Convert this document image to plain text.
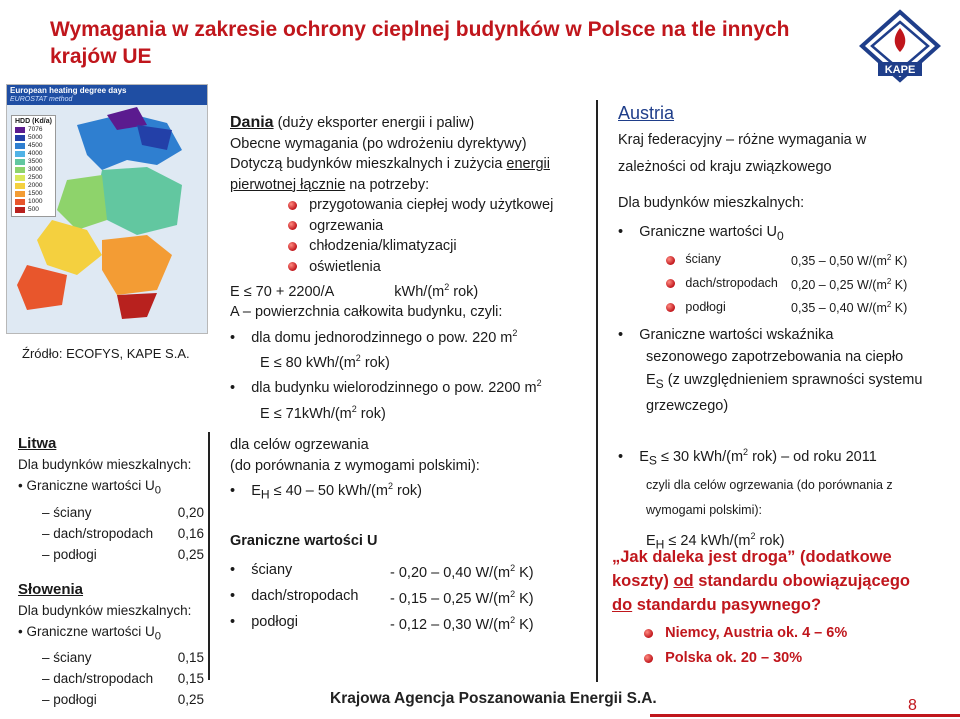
Wymagania w zakresie ochrony cieplnej budynków w Polsce na tle innych krajów UE
KAPE
European heating degree days
EUROSTAT method
HDD (Kd/a)
7076
5000
4500
4000
3500
3000
2500
2000
1500
1000
500
Źródło: ECOFYS, KAPE S.A.
Litwa
Dla budynków mieszkalnych:
• Graniczne wartości $U_0$
– ściany	0,20
– dach/stropodach	0,16
– podłogi	0,25
Słowenia
Dla budynków mieszkalnych:
• Graniczne wartości $U_0$
– ściany	0,15
– dach/stropodach	0,15
– podłogi	0,25
Dania (duży eksporter energii i paliw)
Obecne wymagania (po wdrożeniu dyrektywy)
Dotyczą budynków mieszkalnych i zużycia energii
pierwotnej łącznie na potrzeby:
przygotowania ciepłej wody użytkowej
ogrzewania
chłodzenia/klimatyzacji
oświetlenia
E ≤ 70 + 2200/A	kWh/($m^2$ rok)
A – powierzchnia całkowita budynku, czyli:
•    dla domu jednorodzinnego o pow. 220 $m^2$
E ≤ 80 kWh/($m^2$ rok)
•    dla budynku wielorodzinnego o pow. 2200 $m^2$
$E \le 71kWh/(m^2$ rok)
dla celów ogrzewania
(do porównania z wymogami polskimi):
•    $E_H \le 40 - 50$ kWh/($m^2$ rok)
Graniczne wartości U
•    ściany	- 0,20 – 0,40 $W/(m^2$ K)
•    dach/stropodach	- 0,15 – 0,25 $W/(m^2$ K)
•    podłogi	- 0,12 – 0,30 $W/(m^2$ K)
Austria
Kraj federacyjny – różne wymagania w
zależności od kraju związkowego
Dla budynków mieszkalnych:
•    Graniczne wartości $U_0$
ściany	0,35 – 0,50 $W/(m^2$ K)
dach/stropodach	0,20 – 0,25 $W/(m^2$ K)
podłogi	0,35 – 0,40 $W/(m^2$ K)
•    Graniczne wartości wskaźnika
sezonowego zapotrzebowania na ciepło
$E_S$ (z uwzględnieniem sprawności systemu
grzewczego)
•    $E_S \le 30$ kWh/($m^2$ rok) – od roku 2011
czyli dla celów ogrzewania (do porównania z
wymogami polskimi):
$E_H \le 24$ kWh/($m^2$ rok)
„Jak daleka jest droga” (dodatkowe
koszty) od standardu obowiązującego
do standardu pasywnego?
Niemcy, Austria ok. 4 – 6%
Polska ok. 20 – 30%
Krajowa Agencja Poszanowania Energii S.A.	8
